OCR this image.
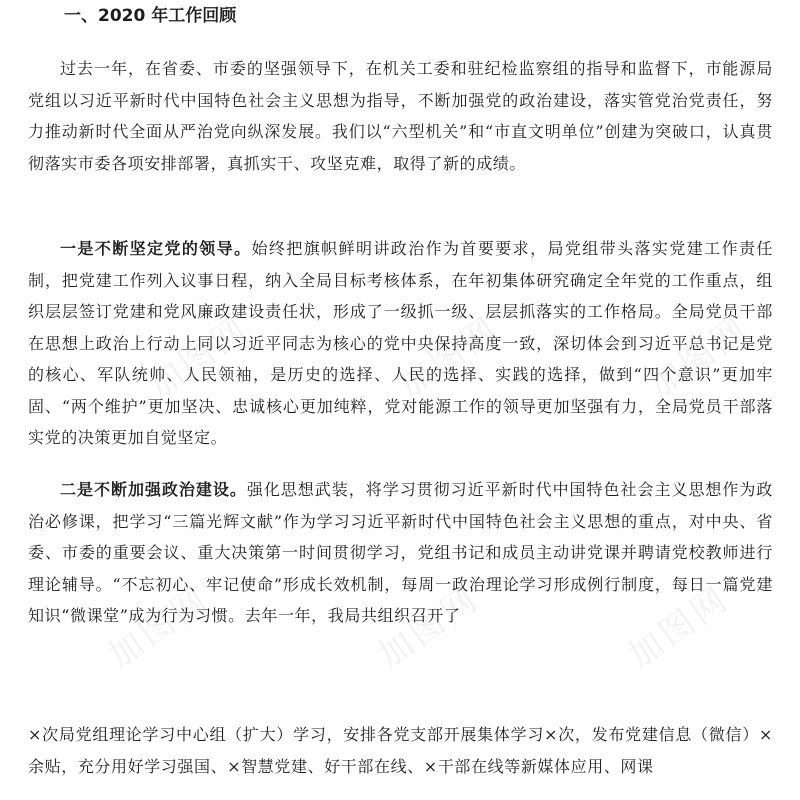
加图网	加图网	加图网
加图网	加图网	加图网
一、2020 年工作回顾

过去一年，在省委、市委的坚强领导下，在机关工委和驻纪检监察组的指导和监督下，市能源局党组以习近平新时代中国特色社会主义思想为指导，不断加强党的政治建设，落实管党治党责任，努力推动新时代全面从严治党向纵深发展。我们以“六型机关”和“市直文明单位”创建为突破口，认真贯彻落实市委各项安排部署，真抓实干、攻坚克难，取得了新的成绩。

一是不断坚定党的领导。始终把旗帜鲜明讲政治作为首要要求，局党组带头落实党建工作责任制，把党建工作列入议事日程，纳入全局目标考核体系，在年初集体研究确定全年党的工作重点，组织层层签订党建和党风廉政建设责任状，形成了一级抓一级、层层抓落实的工作格局。全局党员干部在思想上政治上行动上同以习近平同志为核心的党中央保持高度一致，深切体会到习近平总书记是党的核心、军队统帅、人民领袖，是历史的选择、人民的选择、实践的选择，做到“四个意识”更加牢固、“两个维护”更加坚决、忠诚核心更加纯粹，党对能源工作的领导更加坚强有力，全局党员干部落实党的决策更加自觉坚定。

二是不断加强政治建设。强化思想武装，将学习贯彻习近平新时代中国特色社会主义思想作为政治必修课，把学习“三篇光辉文献”作为学习习近平新时代中国特色社会主义思想的重点，对中央、省委、市委的重要会议、重大决策第一时间贯彻学习，党组书记和成员主动讲党课并聘请党校教师进行理论辅导。“不忘初心、牢记使命”形成长效机制，每周一政治理论学习形成例行制度，每日一篇党建知识“微课堂”成为行为习惯。去年一年，我局共组织召开了

×次局党组理论学习中心组（扩大）学习，安排各党支部开展集体学习×次，发布党建信息（微信）×余贴，充分用好学习强国、×智慧党建、好干部在线、×干部在线等新媒体应用、网课
